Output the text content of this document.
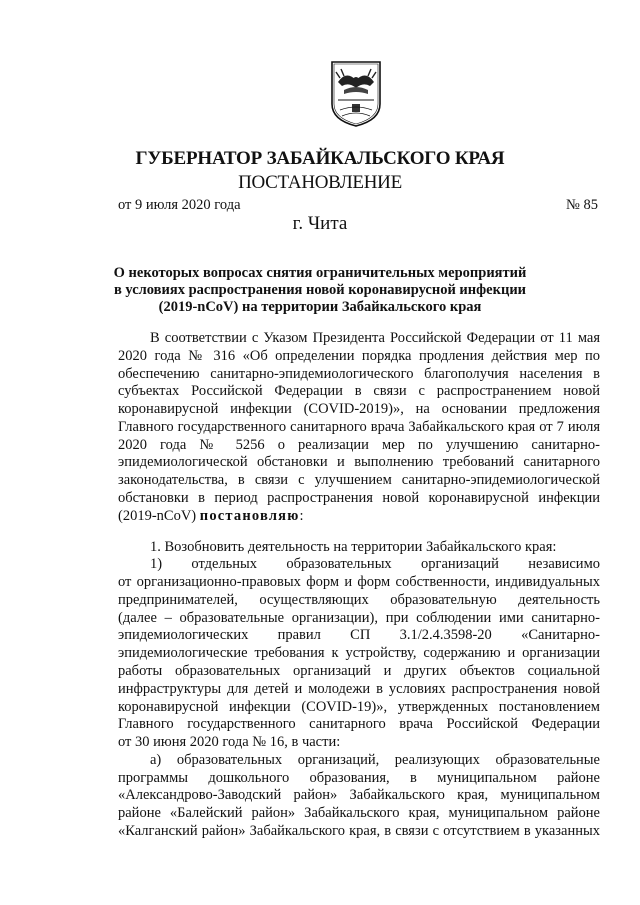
ГУБЕРНАТОР ЗАБАЙКАЛЬСКОГО КРАЯ
ПОСТАНОВЛЕНИЕ
от 9 июля 2020 года	№ 85
г. Чита
О некоторых вопросах снятия ограничительных мероприятий
в условиях распространения новой коронавирусной инфекции
(2019-nCoV) на территории Забайкальского края
В соответствии с Указом Президента Российской Федерации от 11 мая
2020 года № 316 «Об определении порядка продления действия мер по
обеспечению санитарно-эпидемиологического благополучия населения в
субъектах Российской Федерации в связи с распространением новой
коронавирусной инфекции (COVID-2019)», на основании предложения
Главного государственного санитарного врача Забайкальского края от 7 июля
2020 года № 5256 о реализации мер по улучшению санитарно-
эпидемиологической обстановки и выполнению требований санитарного
законодательства, в связи с улучшением санитарно-эпидемиологической
обстановки в период распространения новой коронавирусной инфекции
(2019-nCoV) постановляю:
1. Возобновить деятельность на территории Забайкальского края:
1) отдельных образовательных организаций независимо
от организационно-правовых форм и форм собственности, индивидуальных
предпринимателей, осуществляющих образовательную деятельность
(далее – образовательные организации), при соблюдении ими санитарно-
эпидемиологических правил СП 3.1/2.4.3598-20 «Санитарно-
эпидемиологические требования к устройству, содержанию и организации
работы образовательных организаций и других объектов социальной
инфраструктуры для детей и молодежи в условиях распространения новой
коронавирусной инфекции (COVID-19)», утвержденных постановлением
Главного государственного санитарного врача Российской Федерации
от 30 июня 2020 года № 16, в части:
а) образовательных организаций, реализующих образовательные
программы дошкольного образования, в муниципальном районе
«Александрово-Заводский район» Забайкальского края, муниципальном
районе «Балейский район» Забайкальского края, муниципальном районе
«Калганский район» Забайкальского края, в связи с отсутствием в указанных
